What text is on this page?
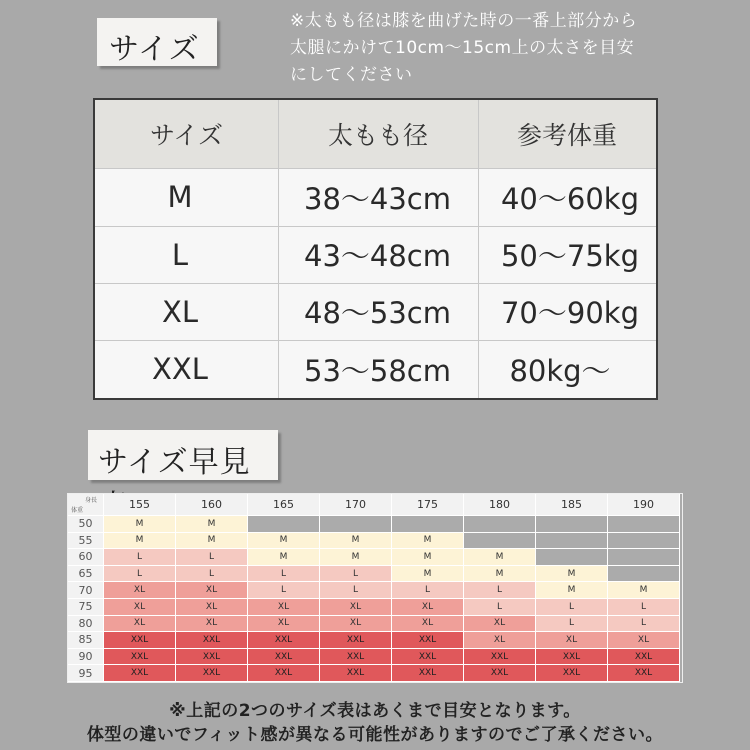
サイズ
※太もも径は膝を曲げた時の一番上部分から
太腿にかけて10cm〜15cm上の太さを目安
にしてください
サイズ	太もも径	参考体重
M	38〜43cm	40〜60kg
L	43〜48cm	50〜75kg
XL	48〜53cm	70〜90kg
XXL	53〜58cm	80kg〜
サイズ早見
身長
体重	155	160	165	170	175	180	185	190
50	M	M
55	M	M	M	M	M
60	L	L	M	M	M	M
65	L	L	L	L	M	M	M
70	XL	XL	L	L	L	L	M	M
75	XL	XL	XL	XL	XL	L	L	L
80	XL	XL	XL	XL	XL	XL	L	L
85	XXL	XXL	XXL	XXL	XXL	XL	XL	XL
90	XXL	XXL	XXL	XXL	XXL	XXL	XXL	XXL
95	XXL	XXL	XXL	XXL	XXL	XXL	XXL	XXL
※上記の2つのサイズ表はあくまで目安となります。
体型の違いでフィット感が異なる可能性がありますのでご了承ください。
